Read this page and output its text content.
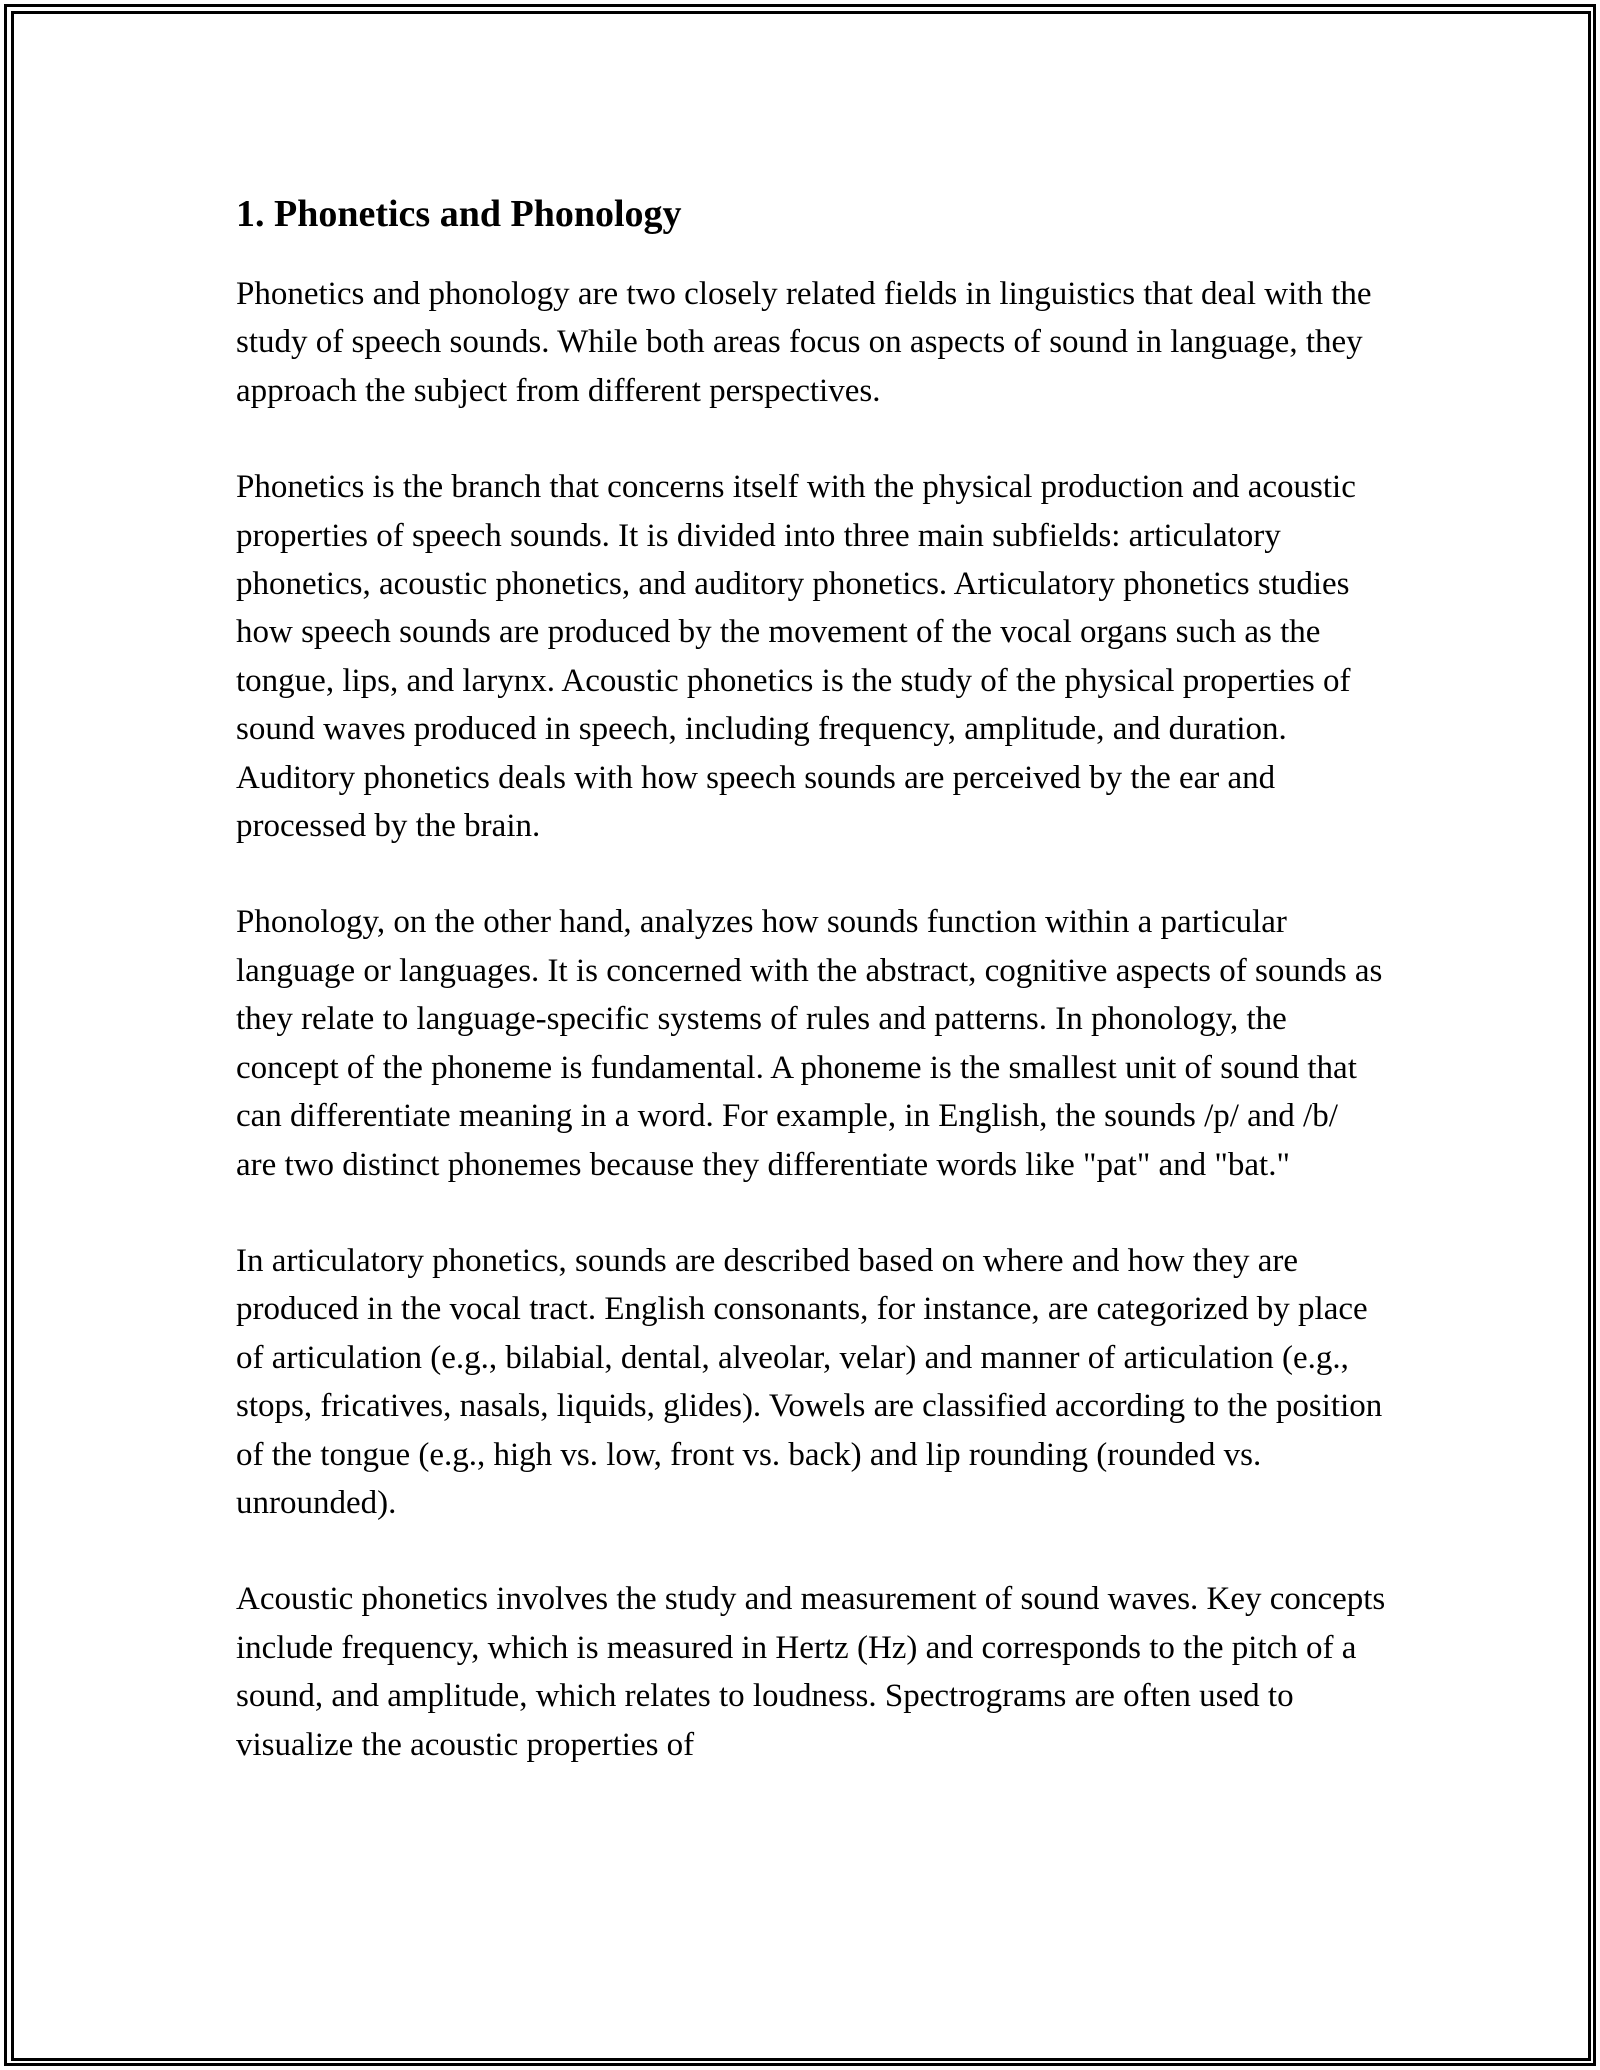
1. Phonetics and Phonology

Phonetics and phonology are two closely related fields in linguistics that deal with the study of speech sounds. While both areas focus on aspects of sound in language, they approach the subject from different perspectives.

Phonetics is the branch that concerns itself with the physical production and acoustic properties of speech sounds. It is divided into three main subfields: articulatory phonetics, acoustic phonetics, and auditory phonetics. Articulatory phonetics studies how speech sounds are produced by the movement of the vocal organs such as the tongue, lips, and larynx. Acoustic phonetics is the study of the physical properties of sound waves produced in speech, including frequency, amplitude, and duration. Auditory phonetics deals with how speech sounds are perceived by the ear and processed by the brain.

Phonology, on the other hand, analyzes how sounds function within a particular language or languages. It is concerned with the abstract, cognitive aspects of sounds as they relate to language-specific systems of rules and patterns. In phonology, the concept of the phoneme is fundamental. A phoneme is the smallest unit of sound that can differentiate meaning in a word. For example, in English, the sounds /p/ and /b/ are two distinct phonemes because they differentiate words like "pat" and "bat."

In articulatory phonetics, sounds are described based on where and how they are produced in the vocal tract. English consonants, for instance, are categorized by place of articulation (e.g., bilabial, dental, alveolar, velar) and manner of articulation (e.g., stops, fricatives, nasals, liquids, glides). Vowels are classified according to the position of the tongue (e.g., high vs. low, front vs. back) and lip rounding (rounded vs. unrounded).

Acoustic phonetics involves the study and measurement of sound waves. Key concepts include frequency, which is measured in Hertz (Hz) and corresponds to the pitch of a sound, and amplitude, which relates to loudness. Spectrograms are often used to visualize the acoustic properties of
